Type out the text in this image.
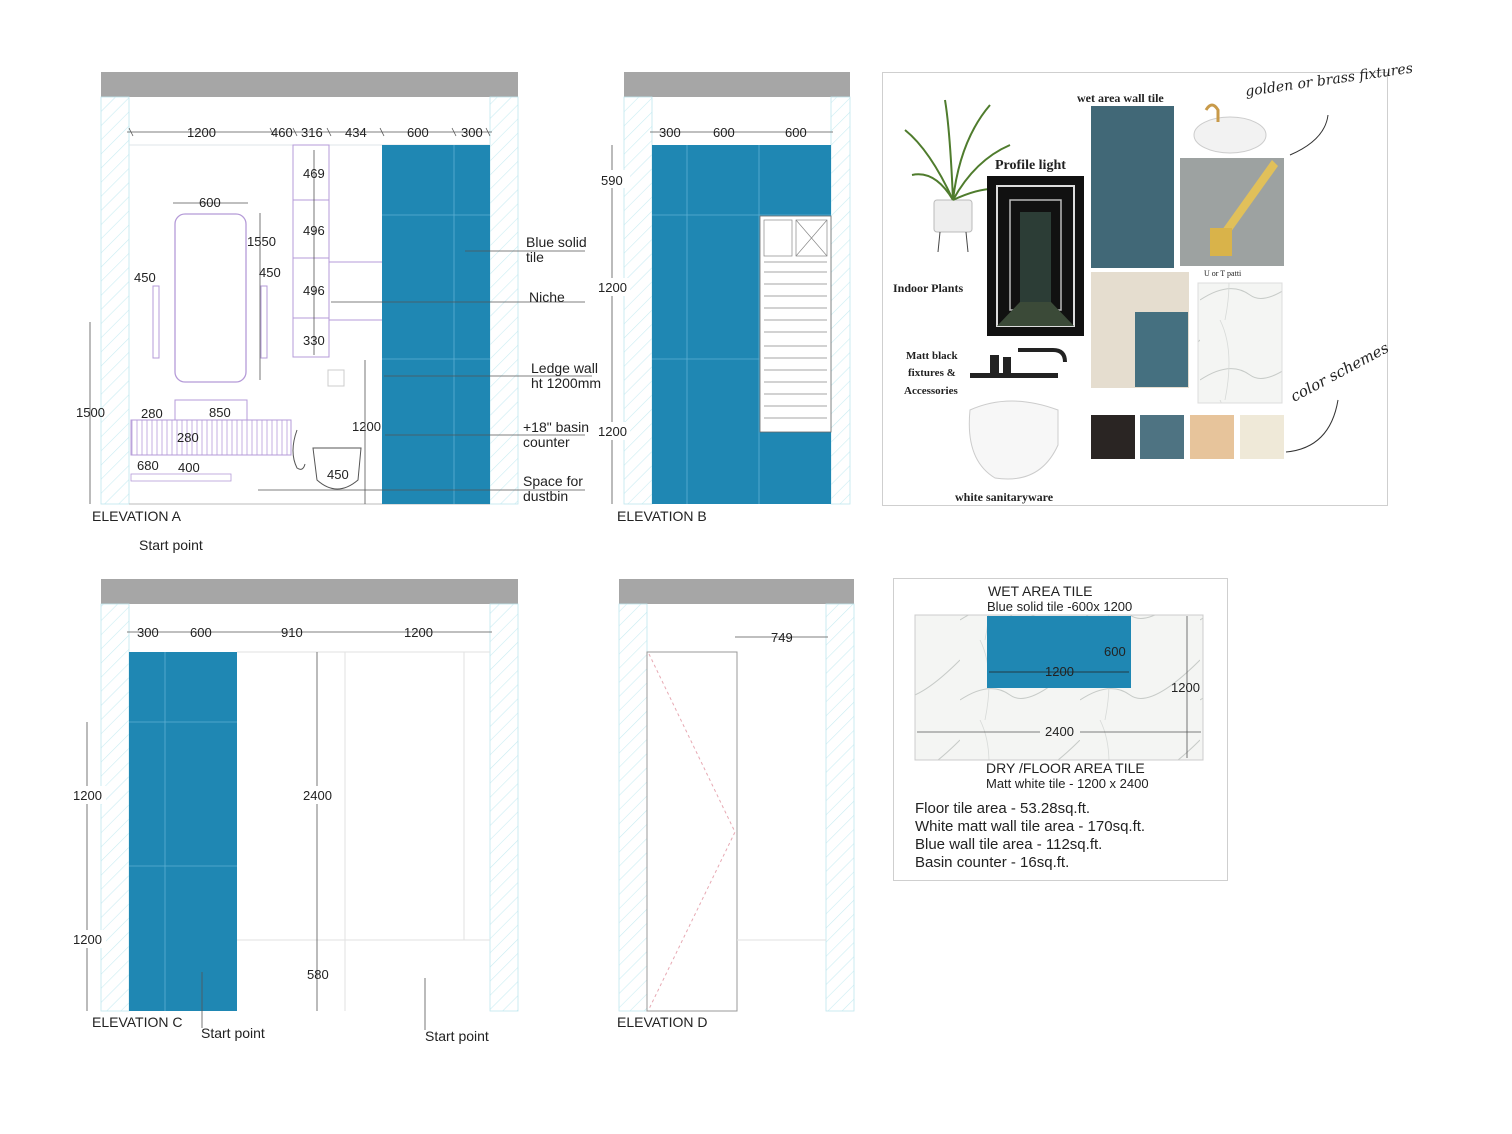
1200	460 316 434	600 300
469
496
496
330
600
1550
450	450
850
280
280
680 400
1500
1200
450
Blue solid
tile
Niche
Ledge wall
ht 1200mm
+18" basin
counter
Space for
dustbin
ELEVATION A
Start point
300 600	600
590
1200
1200
ELEVATION B
300 600	910	1200
2400
580
1200
1200
ELEVATION C
Start point	Start point
749
ELEVATION D
Indoor Plants
Profile light
wet area wall tile	golden or brass fixtures
U or T patti
Matt black
fixtures &
Accessories
white sanitaryware
color schemes
WET AREA TILE
Blue solid tile -600x 1200
1200
600
1200
2400
DRY /FLOOR AREA TILE
Matt white tile - 1200 x 2400
Floor tile area - 53.28sq.ft.
White matt wall tile area - 170sq.ft.
Blue wall tile area - 112sq.ft.
Basin counter - 16sq.ft.
